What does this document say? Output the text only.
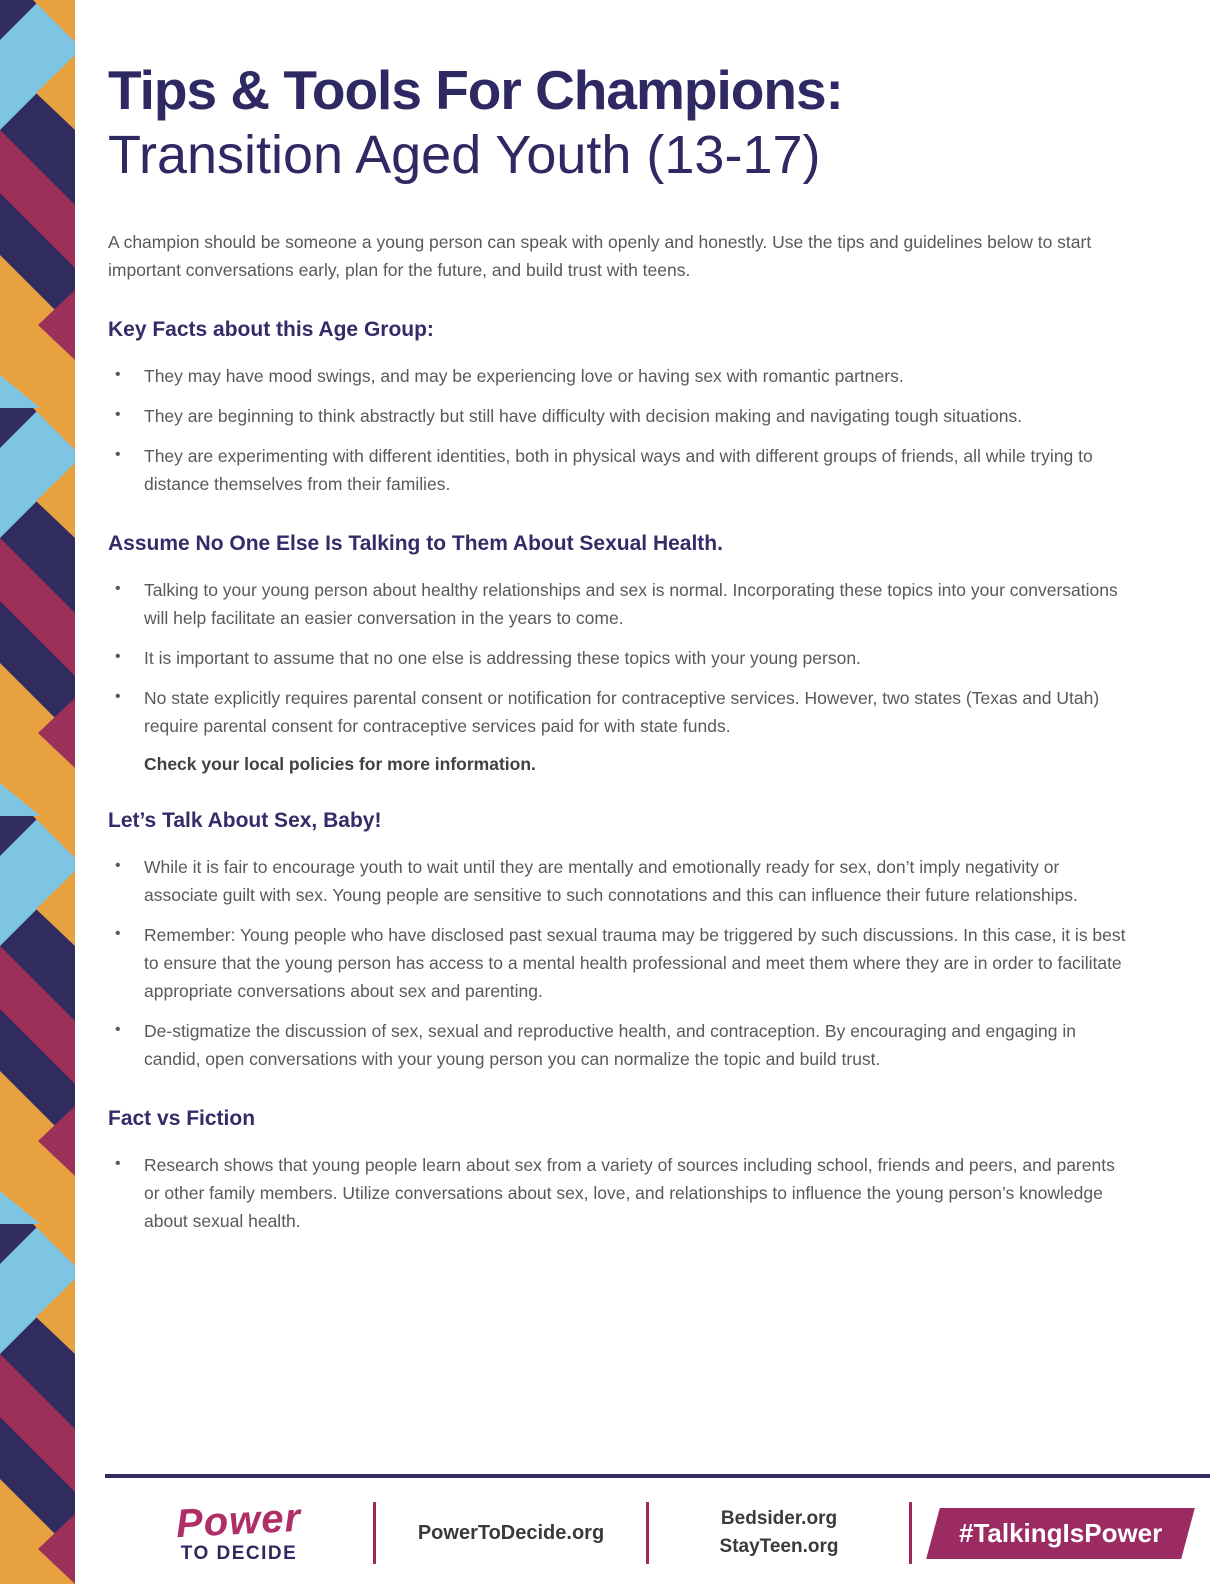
Tips & Tools For Champions:
Transition Aged Youth (13-17)

A champion should be someone a young person can speak with openly and honestly. Use the tips and guidelines below to start important conversations early, plan for the future, and build trust with teens.

Key Facts about this Age Group:
• They may have mood swings, and may be experiencing love or having sex with romantic partners.
• They are beginning to think abstractly but still have difficulty with decision making and navigating tough situations.
• They are experimenting with different identities, both in physical ways and with different groups of friends, all while trying to distance themselves from their families.
Assume No One Else Is Talking to Them About Sexual Health.
• Talking to your young person about healthy relationships and sex is normal. Incorporating these topics into your conversations will help facilitate an easier conversation in the years to come.
• It is important to assume that no one else is addressing these topics with your young person.
• No state explicitly requires parental consent or notification for contraceptive services. However, two states (Texas and Utah) require parental consent for contraceptive services paid for with state funds.

Check your local policies for more information.

Let’s Talk About Sex, Baby!
• While it is fair to encourage youth to wait until they are mentally and emotionally ready for sex, don’t imply negativity or associate guilt with sex. Young people are sensitive to such connotations and this can influence their future relationships.
• Remember: Young people who have disclosed past sexual trauma may be triggered by such discussions. In this case, it is best to ensure that the young person has access to a mental health professional and meet them where they are in order to facilitate appropriate conversations about sex and parenting.
• De-stigmatize the discussion of sex, sexual and reproductive health, and contraception. By encouraging and engaging in candid, open conversations with your young person you can normalize the topic and build trust.
Fact vs Fiction
• Research shows that young people learn about sex from a variety of sources including school, friends and peers, and parents or other family members. Utilize conversations about sex, love, and relationships to influence the young person’s knowledge about sexual health.
Power
TO DECIDE
PowerToDecide.org
Bedsider.org
StayTeen.org	#TalkingIsPower
